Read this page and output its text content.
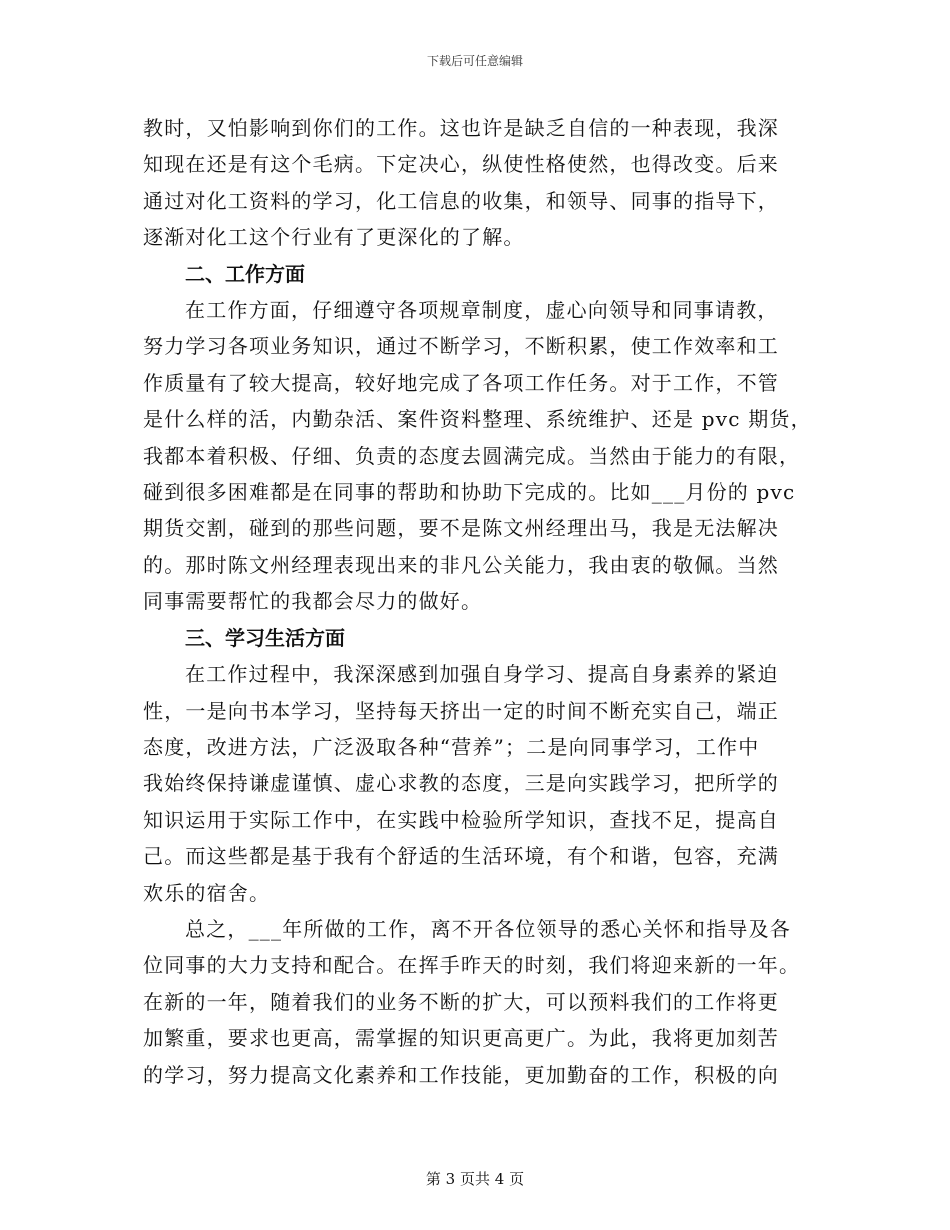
下载后可任意编辑

教时，又怕影响到你们的工作。这也许是缺乏自信的一种表现，我深

知现在还是有这个毛病。下定决心，纵使性格使然，也得改变。后来

通过对化工资料的学习，化工信息的收集，和领导、同事的指导下，

逐渐对化工这个行业有了更深化的了解。

二、工作方面

在工作方面，仔细遵守各项规章制度，虚心向领导和同事请教，

努力学习各项业务知识，通过不断学习，不断积累，使工作效率和工

作质量有了较大提高，较好地完成了各项工作任务。对于工作，不管

是什么样的活，内勤杂活、案件资料整理、系统维护、还是 pvc 期货，

我都本着积极、仔细、负责的态度去圆满完成。当然由于能力的有限，

碰到很多困难都是在同事的帮助和协助下完成的。比如___月份的 pvc

期货交割，碰到的那些问题，要不是陈文州经理出马，我是无法解决

的。那时陈文州经理表现出来的非凡公关能力，我由衷的敬佩。当然

同事需要帮忙的我都会尽力的做好。

三、学习生活方面

在工作过程中，我深深感到加强自身学习、提高自身素养的紧迫

性，一是向书本学习，坚持每天挤出一定的时间不断充实自己，端正

态度，改进方法，广泛汲取各种“营养”；二是向同事学习，工作中

我始终保持谦虚谨慎、虚心求教的态度，三是向实践学习，把所学的

知识运用于实际工作中，在实践中检验所学知识，查找不足，提高自

己。而这些都是基于我有个舒适的生活环境，有个和谐，包容，充满

欢乐的宿舍。

总之，___年所做的工作，离不开各位领导的悉心关怀和指导及各

位同事的大力支持和配合。在挥手昨天的时刻，我们将迎来新的一年。

在新的一年，随着我们的业务不断的扩大，可以预料我们的工作将更

加繁重，要求也更高，需掌握的知识更高更广。为此，我将更加刻苦

的学习，努力提高文化素养和工作技能，更加勤奋的工作，积极的向

第 3 页共 4 页
